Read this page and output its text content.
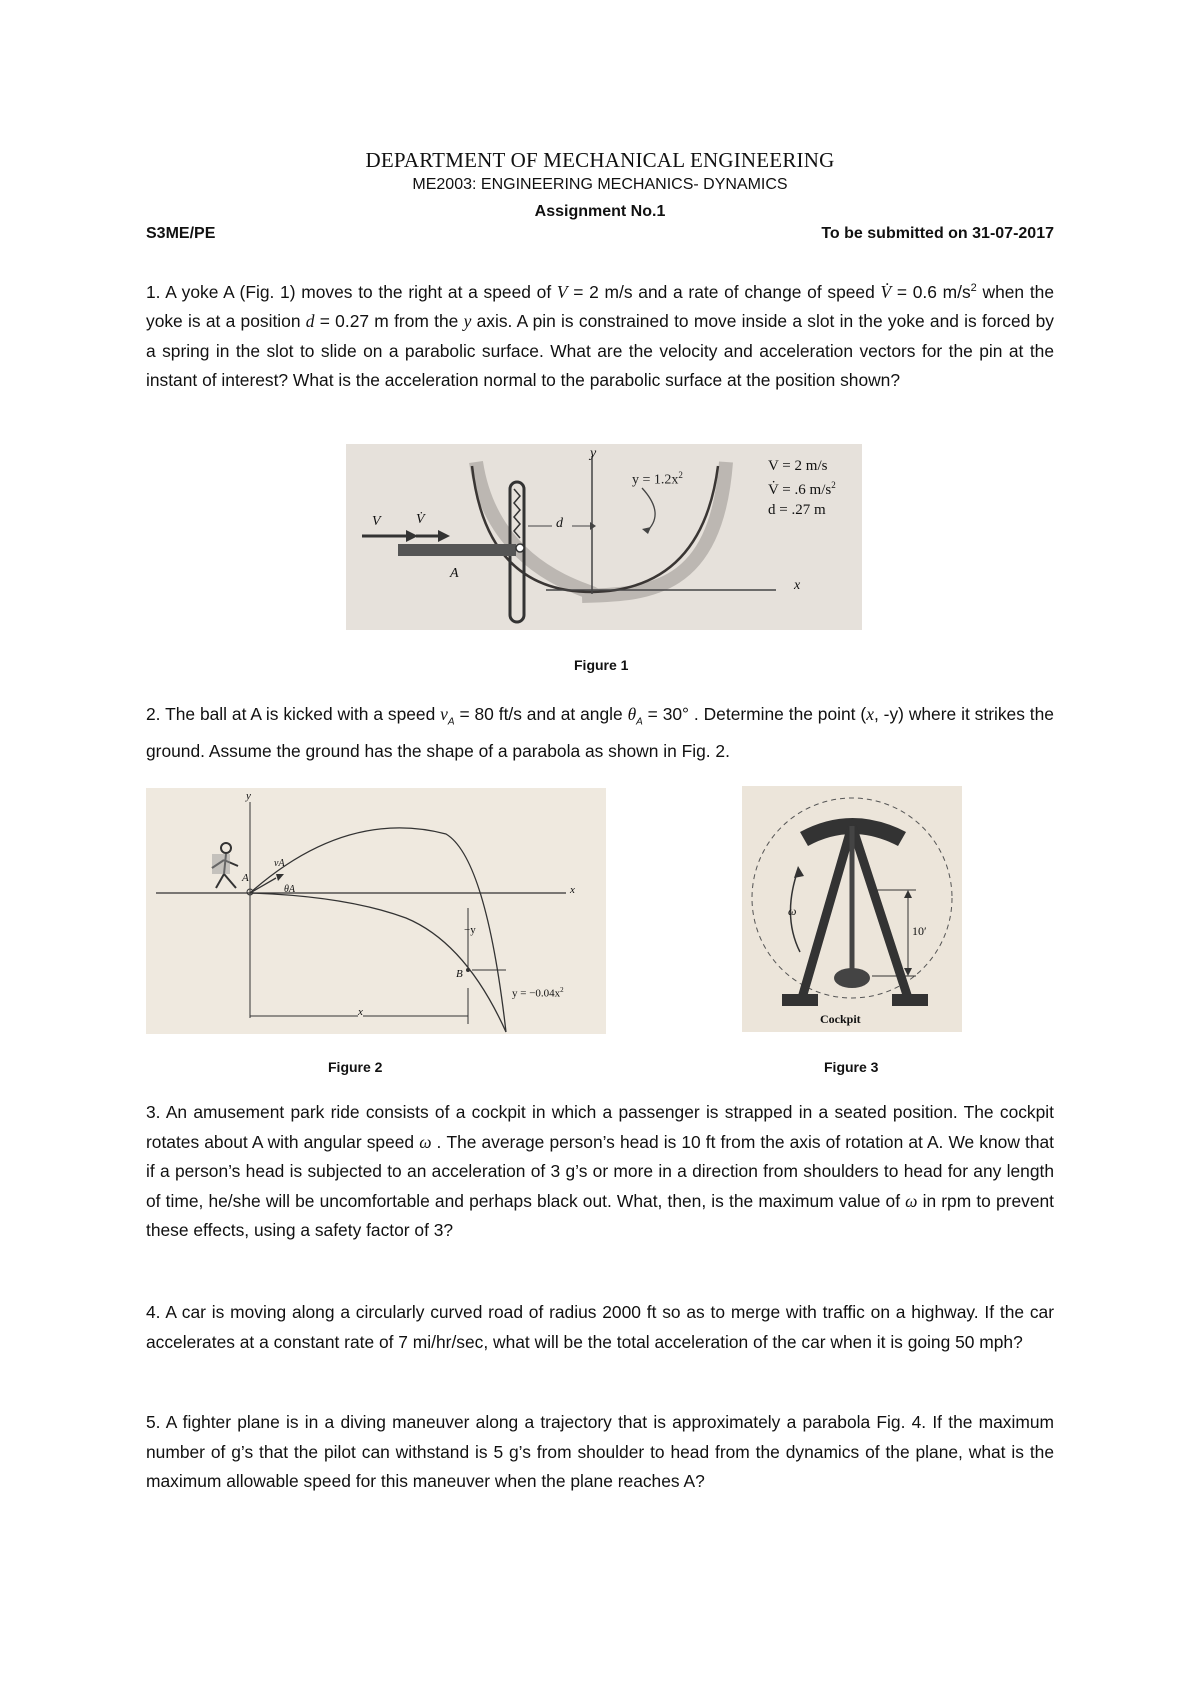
DEPARTMENT OF MECHANICAL ENGINEERING
ME2003: ENGINEERING MECHANICS- DYNAMICS
Assignment No.1
S3ME/PE	To be submitted on 31-07-2017
1. A yoke A (Fig. 1) moves to the right at a speed of V = 2 m/s and a rate of change of speed V̇ = 0.6 $m/s^2$ when the yoke is at a position d = 0.27 m from the y axis. A pin is constrained to move inside a slot in the yoke and is forced by a spring in the slot to slide on a parabolic surface. What are the velocity and acceleration vectors for the pin at the instant of interest? What is the acceleration normal to the parabolic surface at the position shown?
y
x
$y = 1.2x^2$
V	V̇
A
d
V = 2 m/s
V̇ = .6 $m/s^2$
d = .27 m
Figure 1
2. The ball at A is kicked with a speed $v_A = 80$ ft/s and at angle $\theta_A = 30^\circ$ . Determine the point (x, -y) where it strikes the ground. Assume the ground has the shape of a parabola as shown in Fig. 2.
y
x
A
B
vA
θA
−y
x
$y = -0.04x^2$
Figure 2
ω
10′
Cockpit
Figure 3
3. An amusement park ride consists of a cockpit in which a passenger is strapped in a seated position. The cockpit rotates about A with angular speed ω . The average person’s head is 10 ft from the axis of rotation at A. We know that if a person’s head is subjected to an acceleration of 3 g’s or more in a direction from shoulders to head for any length of time, he/she will be uncomfortable and perhaps black out. What, then, is the maximum value of ω in rpm to prevent these effects, using a safety factor of 3?
4. A car is moving along a circularly curved road of radius 2000 ft so as to merge with traffic on a highway. If the car accelerates at a constant rate of 7 mi/hr/sec, what will be the total acceleration of the car when it is going 50 mph?
5. A fighter plane is in a diving maneuver along a trajectory that is approximately a parabola Fig. 4. If the maximum number of g’s that the pilot can withstand is 5 g’s from shoulder to head from the dynamics of the plane, what is the maximum allowable speed for this maneuver when the plane reaches A?
